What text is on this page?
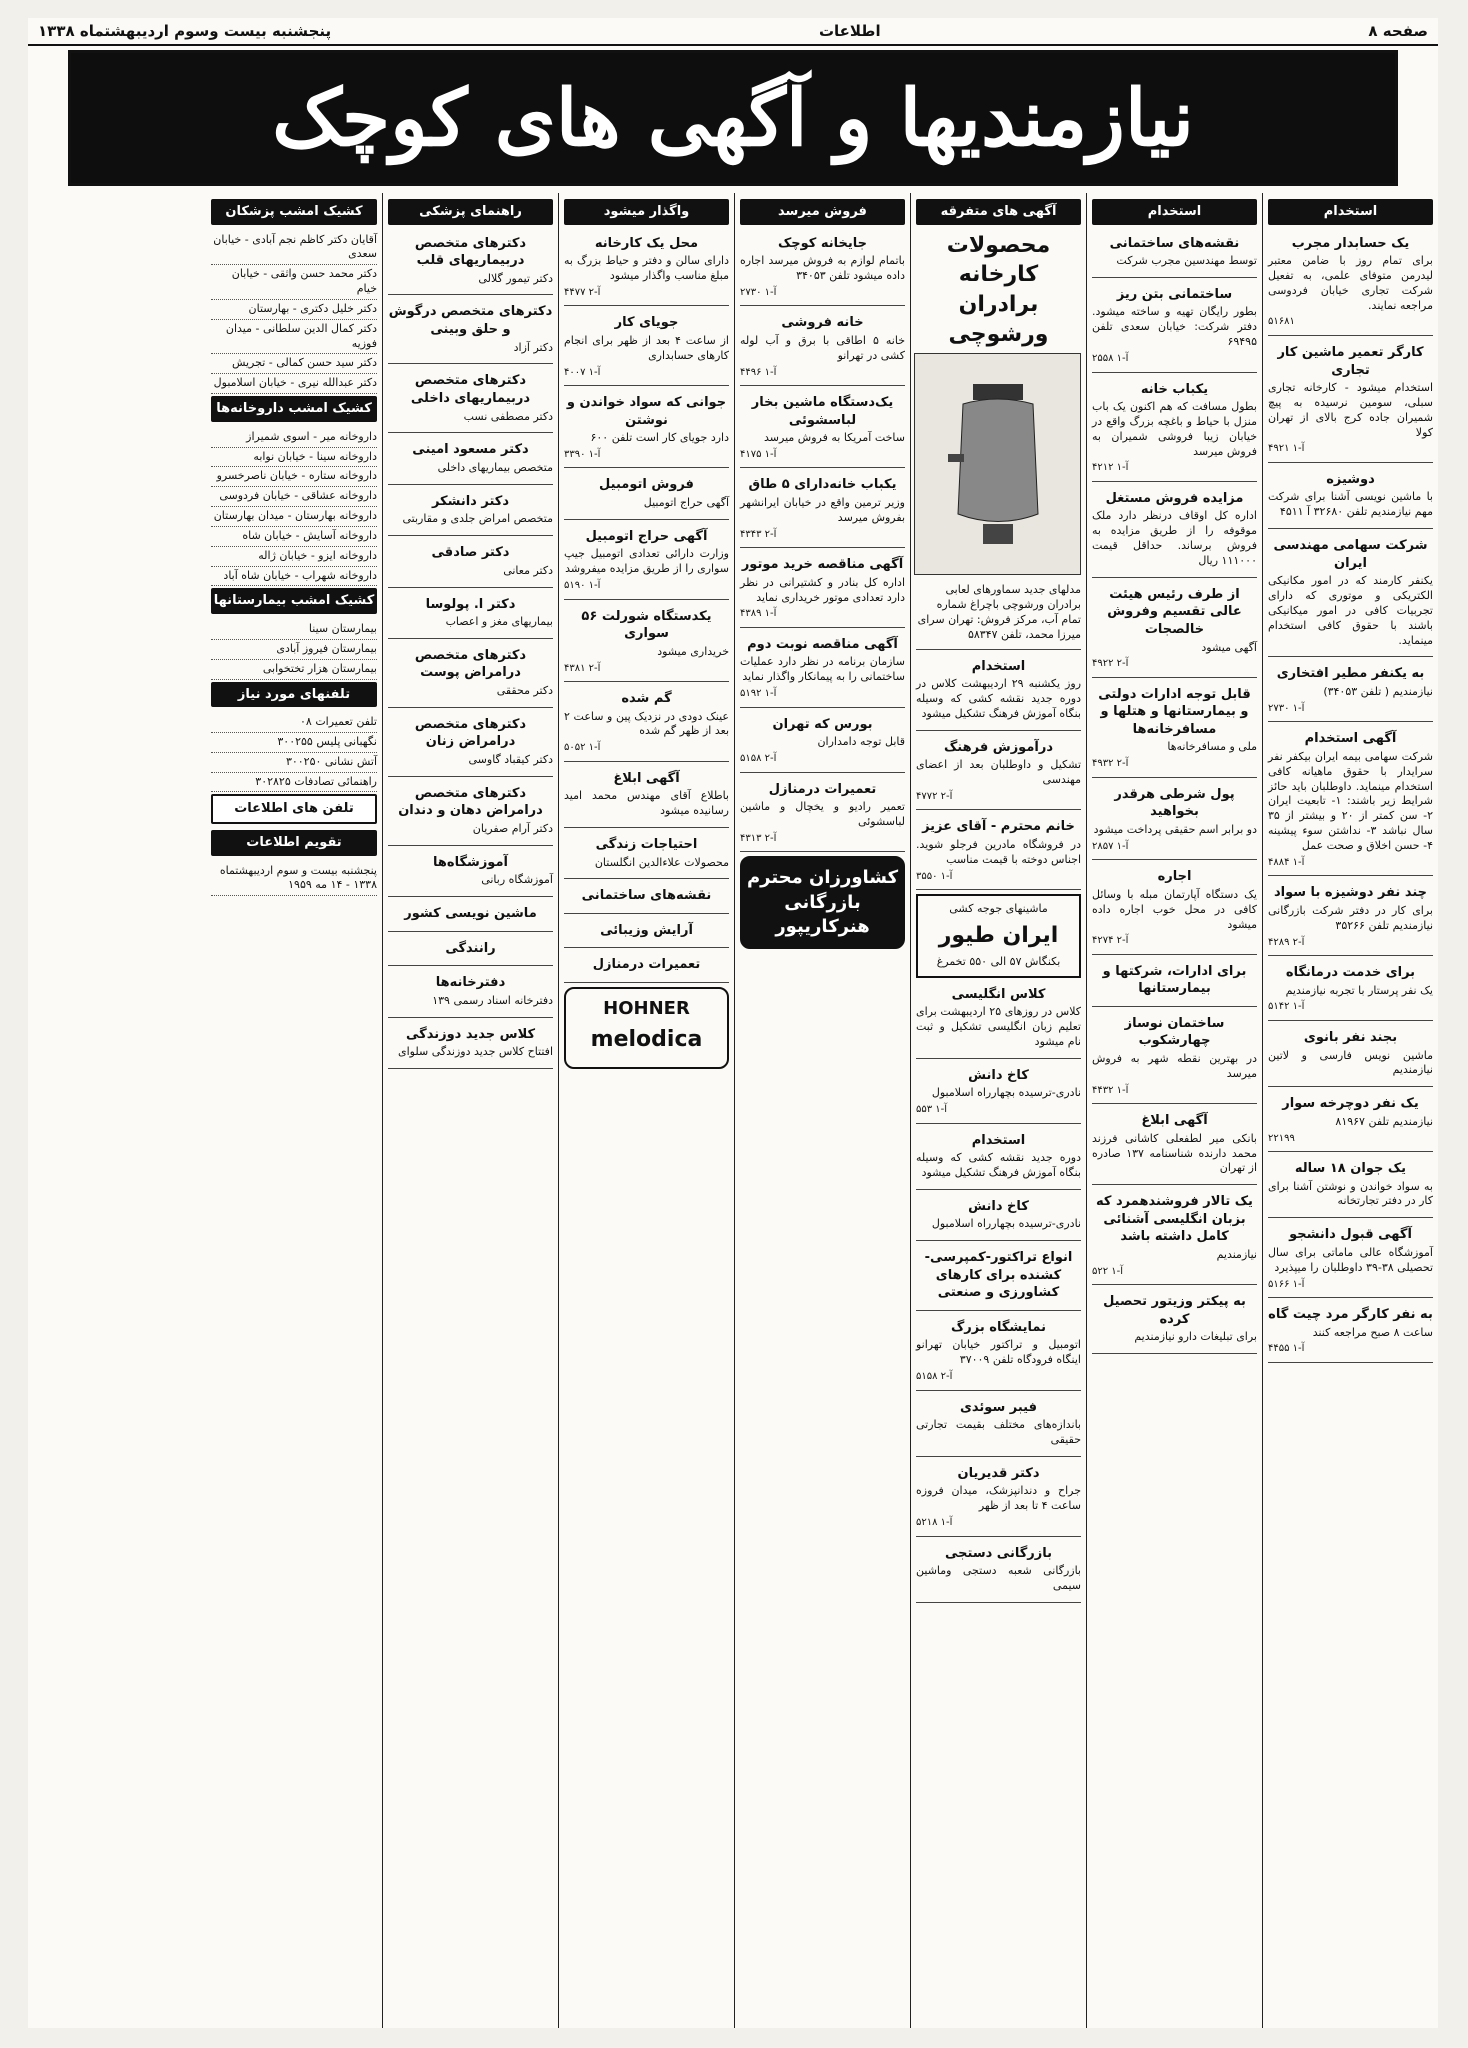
صفحه ۸
اطلاعات
پنجشنبه بیست وسوم اردیبهشتماه ۱۳۳۸
نیازمندیها و آگهی های کوچک
استخدام
یک حسابدار مجرب
برای تمام روز با ضامن معتبر لیدرمن متوفای علمی، به تفعیل شرکت تجاری خیابان فردوسی مراجعه نمایند.
۵۱۶۸۱
کارگر تعمیر ماشین کار تجاری
استخدام میشود - کارخانه تجاری سبلی، سومین نرسیده به پیچ شمیران جاده کرج بالای از تهران کولا
۴۹۲۱ آ-۱
دوشیزه
با ماشین نویسی آشنا برای شرکت مهم نیازمندیم تلفن ۳۲۶۸۰ آ ۴۵۱۱
شرکت سهامی مهندسی ایران
یکنفر کارمند که در امور مکانیکی الکتریکی و موتوری که دارای تجربیات کافی در امور میکانیکی باشند با حقوق کافی استخدام مینماید.
به یکنفر مطیر افتخاری
نیازمندیم ( تلفن ۳۴۰۵۳)
۲۷۳۰ آ-۱
آگهی استخدام
شرکت سهامی بیمه ایران بیکفر نفر سرایدار با حقوق ماهیانه کافی استخدام مینماید. داوطلبان باید حائز شرایط زیر باشند: ۱- تابعیت ایران ۲- سن کمتر از ۲۰ و بیشتر از ۳۵ سال نباشد ۳- نداشتن سوء پیشینه ۴- حسن اخلاق و صحت عمل
۴۸۸۴ آ-۱
چند نفر دوشیزه با سواد
برای کار در دفتر شرکت بازرگانی نیازمندیم تلفن ۳۵۲۶۶
۴۲۸۹ آ-۲
برای خدمت درمانگاه
یک نفر پرستار با تجربه نیازمندیم
۵۱۴۲ آ-۱
بجند نفر بانوی
ماشین نویس فارسی و لاتین نیازمندیم
یک نفر دوچرخه سوار
نیازمندیم تلفن ۸۱۹۶۷
۲۲۱۹۹
یک جوان ۱۸ ساله
به سواد خواندن و نوشتن آشنا برای کار در دفتر تجارتخانه
آگهی قبول دانشجو
آموزشگاه عالی ماماتی برای سال تحصیلی ۳۸-۳۹ داوطلبان را میپذیرد
۵۱۶۶ آ-۱
به نفر کارگر مرد چیت گاه
ساعت ۸ صبح مراجعه کنند
۴۴۵۵ آ-۱
استخدام
نقشه‌های ساختمانی
توسط مهندسین مجرب شرکت
ساختمانی بتن ریز
بطور رایگان تهیه و ساخته میشود. دفتر شرکت: خیابان سعدی تلفن ۶۹۴۹۵
۲۵۵۸ آ-۱
یکباب خانه
بطول مسافت که هم اکنون یک باب منزل با حیاط و باغچه بزرگ واقع در خیابان زیبا فروشی شمیران به فروش میرسد
۴۲۱۲ آ-۱
مزایده فروش مستغل
اداره کل اوقاف درنظر دارد ملک موقوفه را از طریق مزایده به فروش برساند. حداقل قیمت ۱۱۱۰۰۰ ریال
از طرف رئیس هیئت عالی تقسیم وفروش خالصجات
آگهی میشود
۴۹۲۲ آ-۲
قابل توجه ادارات دولتی و بیمارستانها و هتلها و مسافرخانه‌ها
ملی و مسافرخانه‌ها
۴۹۳۲ آ-۲
پول شرطی هرقدر بخواهید
دو برابر اسم حقیقی پرداخت میشود
۲۸۵۷ آ-۱
اجاره
یک دستگاه آپارتمان مبله با وسائل کافی در محل خوب اجاره داده میشود
۴۲۷۴ آ-۲
برای ادارات، شرکتها و بیمارستانها
ساختمان نوساز چهارشکوب
در بهترین نقطه شهر به فروش میرسد
۴۴۳۲ آ-۱
آگهی ابلاغ
بانکی میر لطفعلی کاشانی فرزند محمد دارنده شناسنامه ۱۳۷ صادره از تهران
یک تالار فروشندهمرد که بزبان انگلیسی آشنائی کامل داشته باشد
نیازمندیم
۵۲۲ آ-۱
به پیکتر وزیتور تحصیل کرده
برای تبلیغات دارو نیازمندیم
آگهی های متفرقه
محصولات کارخانه برادران ورشوچی
مدلهای جدید سماورهای لعابی برادران ورشوچی باچراغ شماره تمام آب، مرکز فروش: تهران سرای میرزا محمد، تلفن ۵۸۳۴۷
استخدام
روز یکشنبه ۲۹ اردیبهشت کلاس در دوره جدید نقشه کشی که وسیله بنگاه آموزش فرهنگ تشکیل میشود
درآموزش فرهنگ
تشکیل و داوطلبان بعد از اعضای مهندسی
۴۷۷۲ آ-۲
خانم محترم - آقای عزیز
در فروشگاه مادرین فرجلو شوید. اجناس دوخته با قیمت مناسب
۳۵۵۰ آ-۱
ماشینهای جوجه کشی
ایران طیور
بکنگاش ۵۷ الی ۵۵۰ تخمرغ
کلاس انگلیسی
کلاس در روزهای ۲۵ اردیبهشت برای تعلیم زبان انگلیسی تشکیل و ثبت نام میشود
کاخ دانش
نادری-ترسیده بچهارراه اسلامبول
۵۵۳ آ-۱
استخدام
دوره جدید نقشه کشی که وسیله بنگاه آموزش فرهنگ تشکیل میشود
کاخ دانش
نادری-ترسیده بچهارراه اسلامبول
انواع تراکتور-کمپرسی-کشنده برای کارهای کشاورزی و صنعتی
نمایشگاه بزرگ
اتومبیل و تراکتور خیابان تهرانو اینگاه فرودگاه تلفن ۳۷۰۰۹
۵۱۵۸ آ-۲
فیبر سوئدی
باندازه‌های مختلف بقیمت تجارتی حقیقی
دکتر قدیریان
جراح و دندانپزشک، میدان فروزه ساعت ۴ تا بعد از ظهر
۵۲۱۸ آ-۱
بازرگانی دستجی
بازرگانی شعبه دستجی وماشین سیمی
فروش میرسد
جایخانه کوچک
باتمام لوازم به فروش میرسد اجاره داده میشود تلفن ۳۴۰۵۳
۲۷۳۰ آ-۱
خانه فروشی
خانه ۵ اطاقی با برق و آب لوله کشی در تهرانو
۴۴۹۶ آ-۱
یک‌دستگاه ماشین بخار لباسشوئی
ساخت آمریکا به فروش میرسد
۴۱۷۵ آ-۱
یکباب خانه‌دارای ۵ طاق
وزیر ترمین واقع در خیابان ایرانشهر بفروش میرسد
۴۳۴۳ آ-۲
آگهی مناقصه خرید موتور
اداره کل بنادر و کشتیرانی در نظر دارد تعدادی موتور خریداری نماید
۴۳۸۹ آ-۱
آگهی مناقصه نوبت دوم
سازمان برنامه در نظر دارد عملیات ساختمانی را به پیمانکار واگذار نماید
۵۱۹۲ آ-۱
بورس که تهران
قابل توجه دامداران
۵۱۵۸ آ-۲
تعمیرات درمنازل
تعمیر رادیو و یخچال و ماشین لباسشوئی
۴۳۱۳ آ-۲
کشاورزان محترم
بازرگانی هنرکاریپور
واگذار میشود
محل یک کارخانه
دارای سالن و دفتر و حیاط بزرگ به مبلغ مناسب واگذار میشود
۴۴۷۷ آ-۲
جویای کار
از ساعت ۴ بعد از ظهر برای انجام کارهای حسابداری
۴۰۰۷ آ-۱
جوانی که سواد خواندن و نوشتن
دارد جویای کار است تلفن ۶۰۰
۳۳۹۰ آ-۱
فروش اتومبیل
آگهی حراج اتومبیل
آگهی حراج اتومبیل
وزارت دارائی تعدادی اتومبیل جیپ سواری را از طریق مزایده میفروشد
۵۱۹۰ آ-۱
یکدستگاه شورلت ۵۶ سواری
خریداری میشود
۴۳۸۱ آ-۲
گم شده
عینک دودی در نزدیک پین و ساعت ۲ بعد از ظهر گم شده
۵۰۵۲ آ-۱
آگهی ابلاغ
باطلاع آقای مهندس محمد امید رسانیده میشود
احتیاجات زندگی
محصولات علاءالدین انگلستان
نقشه‌های ساختمانی
آرایش وزیبائی
تعمیرات درمنازل
HOHNER
melodica
راهنمای پزشکی
دکترهای متخصص دربیماریهای قلب
دکتر تیمور گلالی
دکترهای متخصص درگوش و حلق وبینی
دکتر آزاد
دکترهای متخصص دربیماریهای داخلی
دکتر مصطفی نسب
دکتر مسعود امینی
متخصص بیماریهای داخلی
دکتر دانشکر
متخصص امراض جلدی و مقاربتی
دکتر صادقی
دکتر معانی
دکتر ا. پولوسا
بیماریهای مغز و اعصاب
دکترهای متخصص درامراض پوست
دکتر محققی
دکترهای متخصص درامراض زنان
دکتر کیقباد گاوسی
دکترهای متخصص درامراض دهان و دندان
دکتر آرام صفریان
آموزشگاه‌ها
آموزشگاه ربانی
ماشین نویسی کشور
رانندگی
دفترخانه‌ها
دفترخانه اسناد رسمی ۱۳۹
کلاس جدید دوزندگی
افتتاح کلاس جدید دوزندگی سلوای
کشیک امشب پزشکان
آقایان دکتر کاظم نجم آبادی - خیابان سعدی
دکتر محمد حسن واثقی - خیابان خیام
دکتر خلیل دکتری - بهارستان
دکتر کمال الدین سلطانی - میدان فوزیه
دکتر سید حسن کمالی - تجریش
دکتر عبدالله نیری - خیابان اسلامبول
کشیک امشب داروخانه‌ها
داروخانه میر - اسوی شمیراز
داروخانه سینا - خیابان نوابه
داروخانه ستاره - خیابان ناصرخسرو
داروخانه عشاقی - خیابان فردوسی
داروخانه بهارستان - میدان بهارستان
داروخانه آسایش - خیابان شاه
داروخانه ایزو - خیابان ژاله
داروخانه شهراب - خیابان شاه آباد
کشیک امشب بیمارستانها
بیمارستان سینا
بیمارستان فیروز آبادی
بیمارستان هزار تختخوابی
تلفنهای مورد نیاز
تلفن تعمیرات ۰۸
نگهبانی پلیس ۳۰۰۲۵۵
آتش نشانی ۳۰۰۲۵۰
راهنمائی تصادفات ۳۰۲۸۲۵
تلفن های اطلاعات
تقویم اطلاعات
پنجشنبه بیست و سوم اردیبهشتماه ۱۳۳۸ - ۱۴ مه ۱۹۵۹
